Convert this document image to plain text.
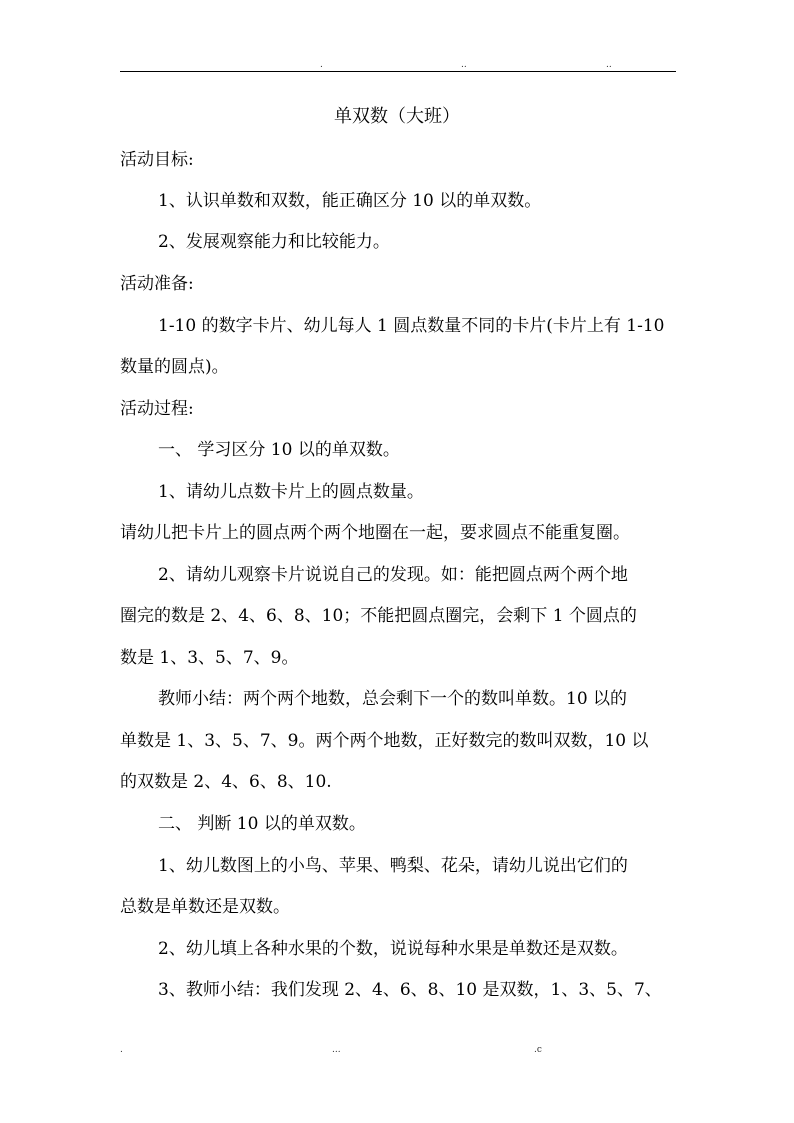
.	..	..
单双数（大班）
活动目标:
1、认识单数和双数，能正确区分 10 以的单双数。
2、发展观察能力和比较能力。
活动准备:
1-10 的数字卡片、幼儿每人 1 圆点数量不同的卡片(卡片上有 1-10
数量的圆点)。
活动过程:
一、 学习区分 10 以的单双数。
1、请幼儿点数卡片上的圆点数量。
请幼儿把卡片上的圆点两个两个地圈在一起，要求圆点不能重复圈。
2、请幼儿观察卡片说说自己的发现。如：能把圆点两个两个地
圈完的数是 2、4、6、8、10；不能把圆点圈完，会剩下 1 个圆点的
数是 1、3、5、7、9。
教师小结：两个两个地数，总会剩下一个的数叫单数。10 以的
单数是 1、3、5、7、9。两个两个地数，正好数完的数叫双数，10 以
的双数是 2、4、6、8、10.
二、 判断 10 以的单双数。
1、幼儿数图上的小鸟、苹果、鸭梨、花朵，请幼儿说出它们的
总数是单数还是双数。
2、幼儿填上各种水果的个数，说说每种水果是单数还是双数。
3、教师小结：我们发现 2、4、6、8、10 是双数，1、3、5、7、
.	...	.c
